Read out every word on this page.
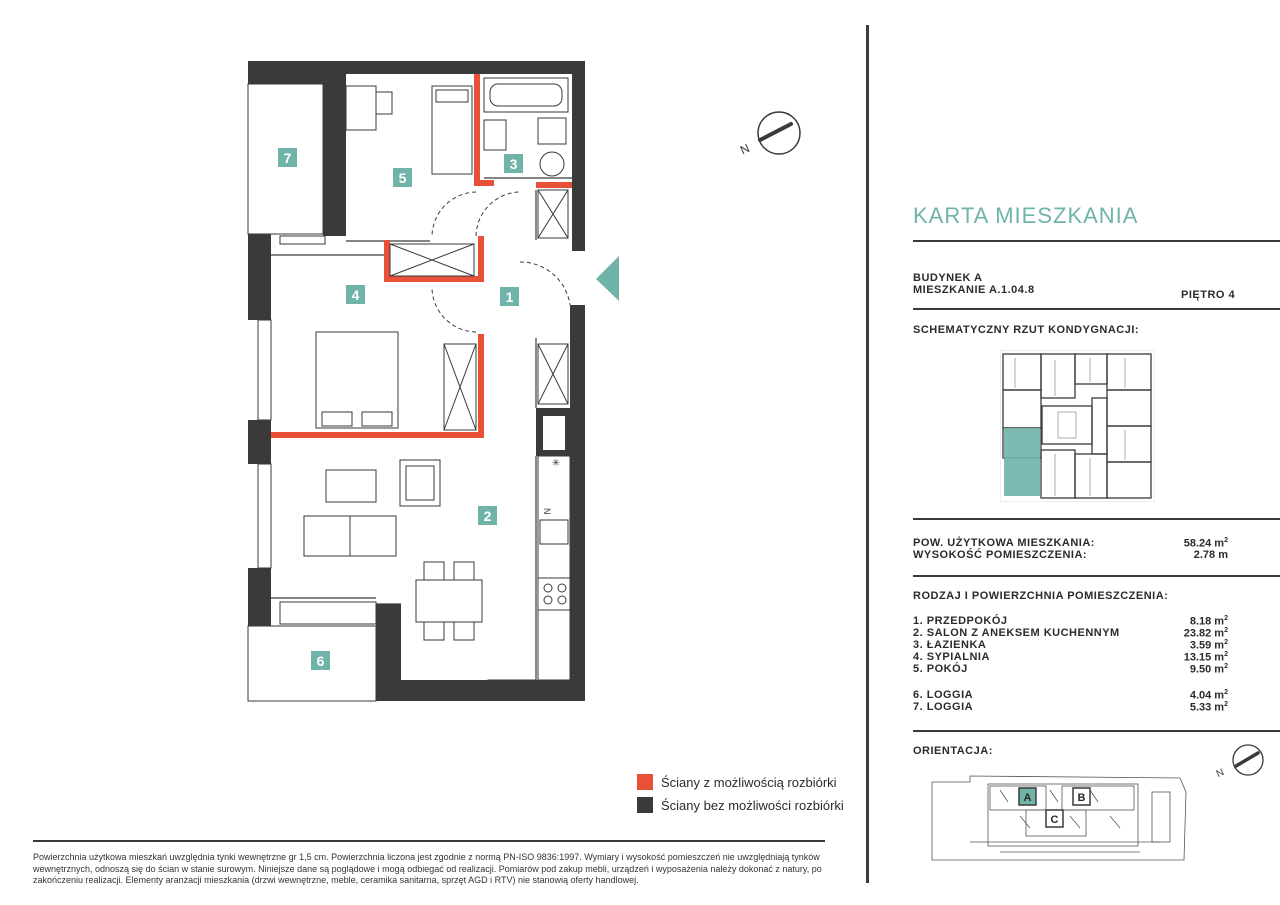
N
✳
1
2
3
4
5
6
7
N
Ściany z możliwością rozbiórki
Ściany bez możliwości rozbiórki
Powierzchnia użytkowa mieszkań uwzględnia tynki wewnętrzne gr 1,5 cm. Powierzchnia liczona jest zgodnie z normą PN-ISO 9836:1997. Wymiary i wysokość pomieszczeń nie uwzględniają tynków wewnętrznych, odnoszą się do ścian w stanie surowym. Niniejsze dane są poglądowe i mogą odbiegać od realizacji. Pomiarów pod zakup mebli, urządzeń i wyposażenia należy dokonać z natury, po zakończeniu realizacji. Elementy aranżacji mieszkania (drzwi wewnętrzne, meble, ceramika sanitarna, sprzęt AGD i RTV) nie stanowią oferty handlowej.
KARTA MIESZKANIA
BUDYNEK A
MIESZKANIE A.1.04.8	PIĘTRO 4
SCHEMATYCZNY RZUT KONDYGNACJI:
POW. UŻYTKOWA MIESZKANIA:	58.24 $m^2$
WYSOKOŚĆ POMIESZCZENIA:	2.78 m
RODZAJ I POWIERZCHNIA POMIESZCZENIA:
1. PRZEDPOKÓJ	8.18 $m^2$
2. SALON Z ANEKSEM KUCHENNYM	23.82 $m^2$
3. ŁAZIENKA	3.59 $m^2$
4. SYPIALNIA	13.15 $m^2$
5. POKÓJ	9.50 $m^2$
6. LOGGIA	4.04 $m^2$
7. LOGGIA	5.33 $m^2$
ORIENTACJA:
N
A	B
C
